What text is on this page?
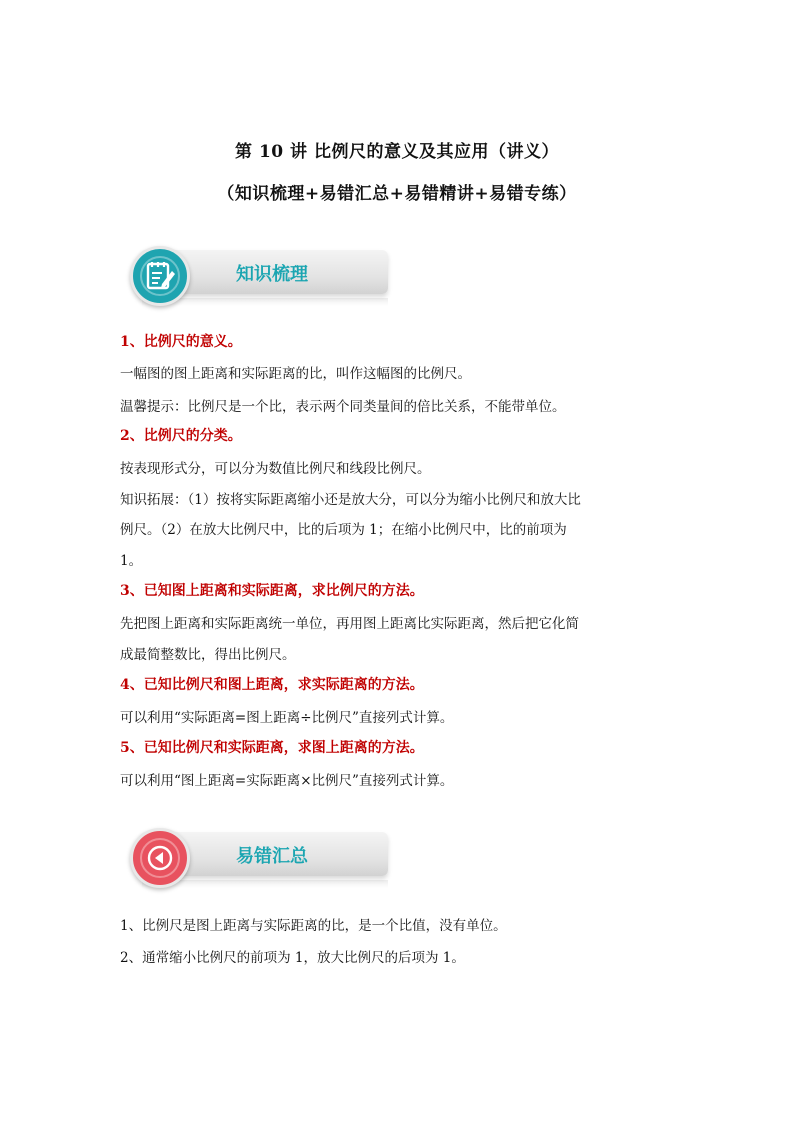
第 10 讲 比例尺的意义及其应用（讲义）
（知识梳理+易错汇总+易错精讲+易错专练）
知识梳理
1、比例尺的意义。
一幅图的图上距离和实际距离的比，叫作这幅图的比例尺。
温馨提示：比例尺是一个比，表示两个同类量间的倍比关系，不能带单位。
2、比例尺的分类。
按表现形式分，可以分为数值比例尺和线段比例尺。
知识拓展：（1）按将实际距离缩小还是放大分，可以分为缩小比例尺和放大比
例尺。（2）在放大比例尺中，比的后项为 1；在缩小比例尺中，比的前项为
1。
3、已知图上距离和实际距离，求比例尺的方法。
先把图上距离和实际距离统一单位，再用图上距离比实际距离，然后把它化简
成最简整数比，得出比例尺。
4、已知比例尺和图上距离，求实际距离的方法。
可以利用“实际距离=图上距离÷比例尺”直接列式计算。
5、已知比例尺和实际距离，求图上距离的方法。
可以利用“图上距离=实际距离×比例尺”直接列式计算。
易错汇总
1、比例尺是图上距离与实际距离的比，是一个比值，没有单位。
2、通常缩小比例尺的前项为 1，放大比例尺的后项为 1。
